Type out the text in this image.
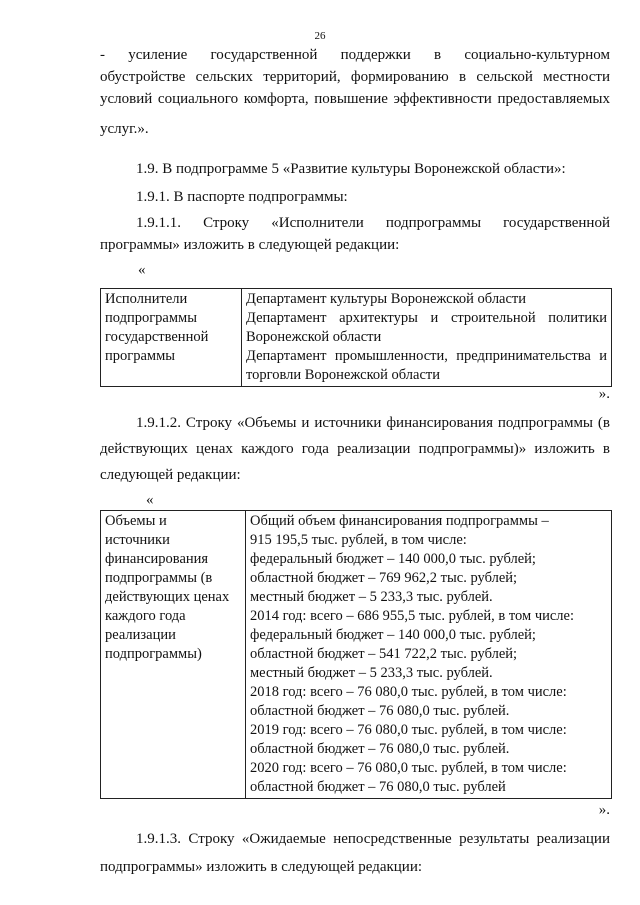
26
- усиление государственной поддержки в социально-культурном
обустройстве сельских территорий, формированию в сельской местности
условий социального комфорта, повышение эффективности предоставляемых
услуг.».
1.9. В подпрограмме 5 «Развитие культуры Воронежской области»:
1.9.1. В паспорте подпрограммы:
1.9.1.1. Строку «Исполнители подпрограммы государственной
программы» изложить в следующей редакции:
«
Исполнители
подпрограммы
государственной
программы

Департамент культуры Воронежской области
Департамент архитектуры и строительной политики
Воронежской области
Департамент промышленности, предпринимательства и
торговли Воронежской области
».
1.9.1.2. Строку «Объемы и источники финансирования подпрограммы (в
действующих ценах каждого года реализации подпрограммы)» изложить в
следующей редакции:
«
Объемы и
источники
финансирования
подпрограммы (в
действующих ценах
каждого года
реализации
подпрограммы)

Общий объем финансирования подпрограммы –
915 195,5 тыс. рублей, в том числе:
федеральный бюджет – 140 000,0 тыс. рублей;
областной бюджет – 769 962,2 тыс. рублей;
местный бюджет – 5 233,3 тыс. рублей.
2014 год: всего – 686 955,5 тыс. рублей, в том числе:
федеральный бюджет – 140 000,0 тыс. рублей;
областной бюджет – 541 722,2 тыс. рублей;
местный бюджет – 5 233,3 тыс. рублей.
2018 год: всего – 76 080,0 тыс. рублей, в том числе:
областной бюджет – 76 080,0 тыс. рублей.
2019 год: всего – 76 080,0 тыс. рублей, в том числе:
областной бюджет – 76 080,0 тыс. рублей.
2020 год: всего – 76 080,0 тыс. рублей, в том числе:
областной бюджет – 76 080,0 тыс. рублей
».
1.9.1.3. Строку «Ожидаемые непосредственные результаты реализации
подпрограммы» изложить в следующей редакции:
